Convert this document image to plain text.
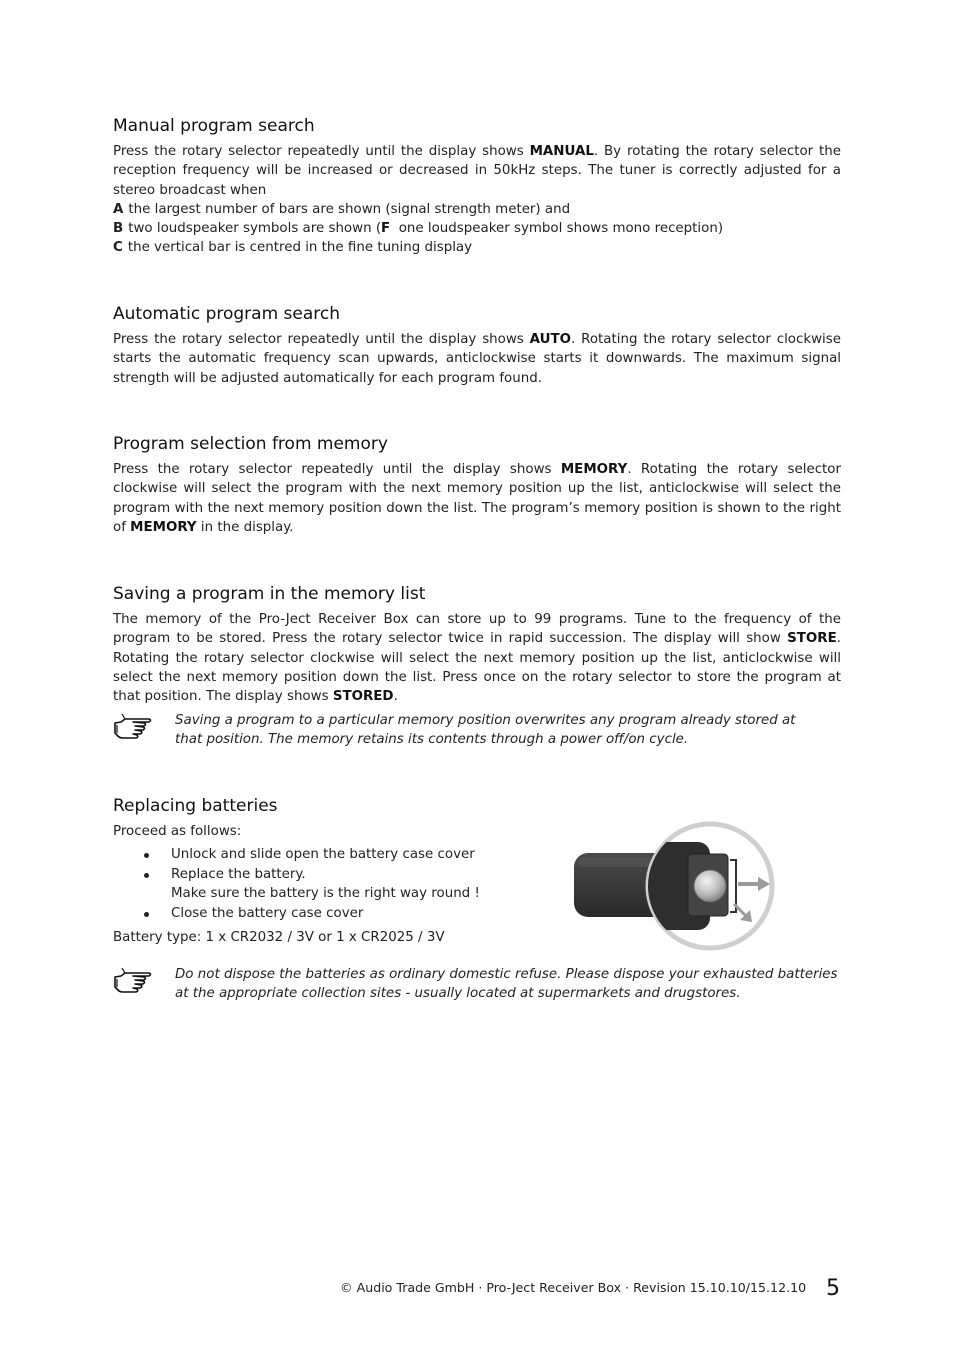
Manual program search

Press the rotary selector repeatedly until the display shows MANUAL. By rotating the rotary selector the reception frequency will be increased or decreased in 50kHz steps. The tuner is correctly adjusted for a stereo broadcast when

A the largest number of bars are shown (signal strength meter) and
B two loudspeaker symbols are shown (F one loudspeaker symbol shows mono reception)
C the vertical bar is centred in the fine tuning display
Automatic program search

Press the rotary selector repeatedly until the display shows AUTO. Rotating the rotary selector clockwise starts the automatic frequency scan upwards, anticlockwise starts it downwards. The maximum signal strength will be adjusted automatically for each program found.

Program selection from memory

Press the rotary selector repeatedly until the display shows MEMORY. Rotating the rotary selector clockwise will select the program with the next memory position up the list, anticlockwise will select the program with the next memory position down the list. The program’s memory position is shown to the right of MEMORY in the display.

Saving a program in the memory list

The memory of the Pro-Ject Receiver Box can store up to 99 programs. Tune to the frequency of the program to be stored. Press the rotary selector twice in rapid succession. The display will show STORE. Rotating the rotary selector clockwise will select the next memory position up the list, anticlockwise will select the next memory position down the list. Press once on the rotary selector to store the program at that position. The display shows STORED.

Saving a program to a particular memory position overwrites any program already stored at that position. The memory retains its contents through a power off/on cycle.
Replacing batteries

Proceed as follows:

Unlock and slide open the battery case cover
Replace the battery.
Make sure the battery is the right way round !
Close the battery case cover

Battery type: 1 x CR2032 / 3V or 1 x CR2025 / 3V

Do not dispose the batteries as ordinary domestic refuse. Please dispose your exhausted batteries at the appropriate collection sites - usually located at supermarkets and drugstores.
© Audio Trade GmbH · Pro-Ject Receiver Box · Revision 15.10.10/15.12.10 5
